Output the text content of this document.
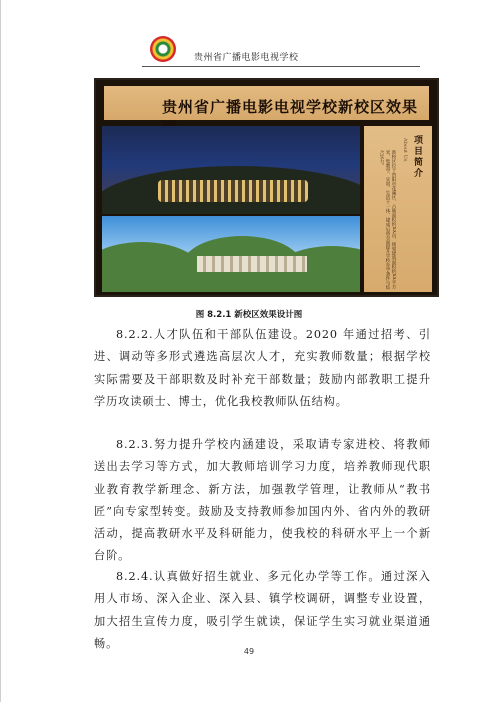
贵州省广播电影电视学校
贵州省广播电影电视学校新校区效果
项目简介
About Us
新校区位于贵阳市花溪区，占地面积约XX亩，规划建筑面积约XX平方米，集教学、实训、生活于一体，建成后将全面提升学校办学条件与综合实力。
图 8.2.1 新校区效果设计图
8.2.2.人才队伍和干部队伍建设。2020 年通过招考、引进、调动等多形式遴选高层次人才，充实教师数量；根据学校实际需要及干部职数及时补充干部数量；鼓励内部教职工提升学历攻读硕士、博士，优化我校教师队伍结构。
8.2.3.努力提升学校内涵建设，采取请专家进校、将教师送出去学习等方式，加大教师培训学习力度，培养教师现代职业教育教学新理念、新方法，加强教学管理，让教师从“教书匠”向专家型转变。鼓励及支持教师参加国内外、省内外的教研活动，提高教研水平及科研能力，使我校的科研水平上一个新台阶。
8.2.4.认真做好招生就业、多元化办学等工作。通过深入用人市场、深入企业、深入县、镇学校调研，调整专业设置，加大招生宣传力度，吸引学生就读，保证学生实习就业渠道通畅。
49
